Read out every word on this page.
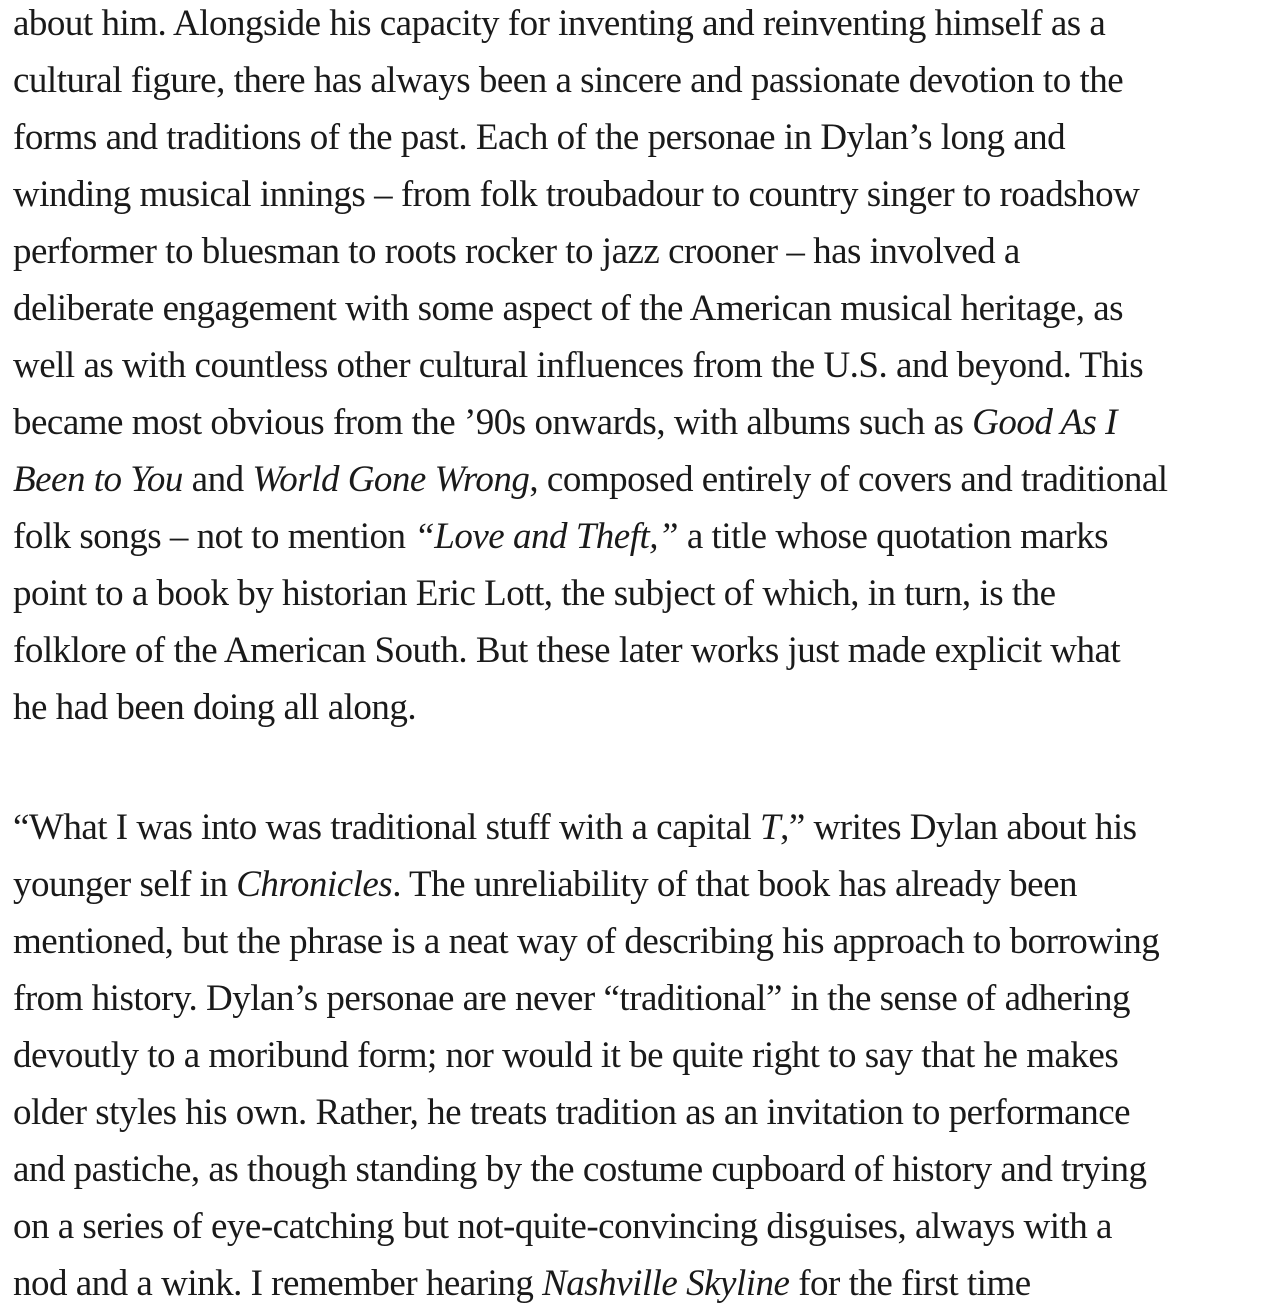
about him. Alongside his capacity for inventing and reinventing himself as a
cultural figure, there has always been a sincere and passionate devotion to the
forms and traditions of the past. Each of the personae in Dylan’s long and
winding musical innings – from folk troubadour to country singer to roadshow
performer to bluesman to roots rocker to jazz crooner – has involved a
deliberate engagement with some aspect of the American musical heritage, as
well as with countless other cultural influences from the U.S. and beyond. This
became most obvious from the ’90s onwards, with albums such as Good As I
Been to You and World Gone Wrong, composed entirely of covers and traditional
folk songs – not to mention “Love and Theft,” a title whose quotation marks
point to a book by historian Eric Lott, the subject of which, in turn, is the
folklore of the American South. But these later works just made explicit what
he had been doing all along.
“What I was into was traditional stuff with a capital T,” writes Dylan about his
younger self in Chronicles. The unreliability of that book has already been
mentioned, but the phrase is a neat way of describing his approach to borrowing
from history. Dylan’s personae are never “traditional” in the sense of adhering
devoutly to a moribund form; nor would it be quite right to say that he makes
older styles his own. Rather, he treats tradition as an invitation to performance
and pastiche, as though standing by the costume cupboard of history and trying
on a series of eye-catching but not-quite-convincing disguises, always with a
nod and a wink. I remember hearing Nashville Skyline for the first time
